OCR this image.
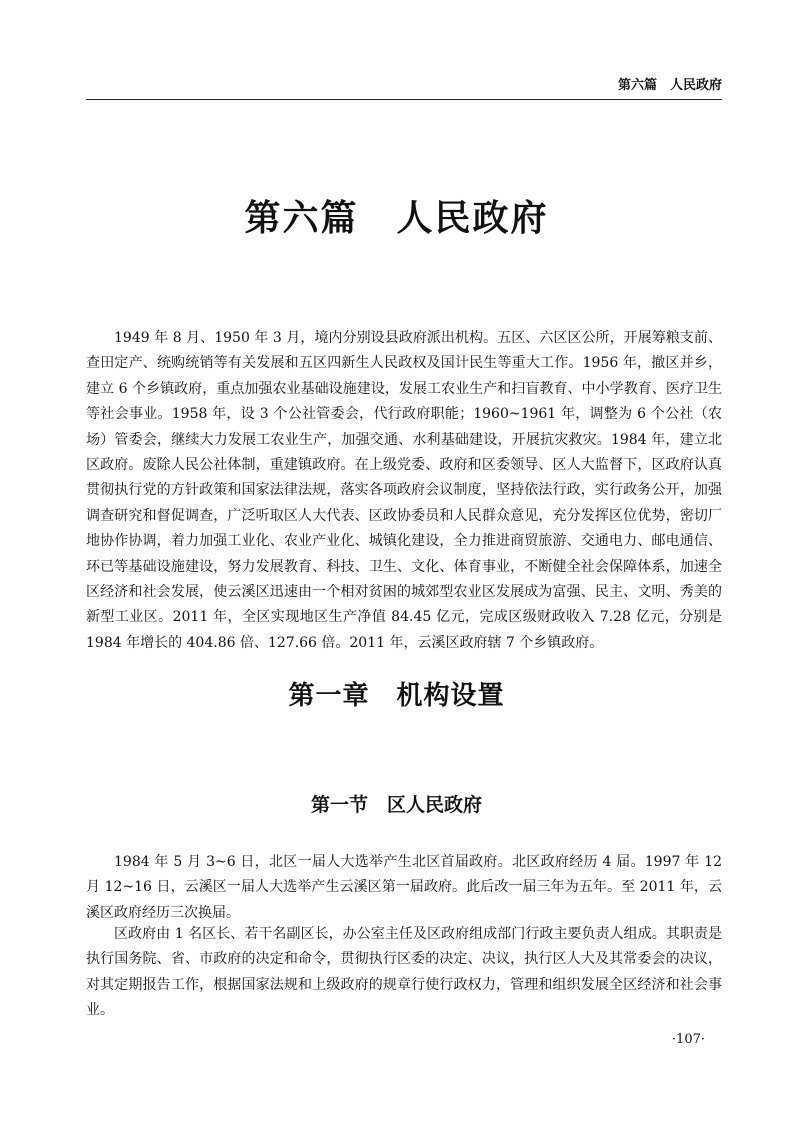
第六篇　人民政府
第六篇　人民政府

1949 年 8 月、1950 年 3 月，境内分别设县政府派出机构。五区、六区区公所，开展筹粮支前、查田定产、统购统销等有关发展和五区四新生人民政权及国计民生等重大工作。1956 年，撤区并乡，建立 6 个乡镇政府，重点加强农业基础设施建设，发展工农业生产和扫盲教育、中小学教育、医疗卫生等社会事业。1958 年，设 3 个公社管委会，代行政府职能；1960~1961 年，调整为 6 个公社（农场）管委会，继续大力发展工农业生产，加强交通、水利基础建设，开展抗灾救灾。1984 年，建立北区政府。废除人民公社体制，重建镇政府。在上级党委、政府和区委领导、区人大监督下，区政府认真贯彻执行党的方针政策和国家法律法规，落实各项政府会议制度，坚持依法行政，实行政务公开，加强调查研究和督促调查，广泛听取区人大代表、区政协委员和人民群众意见，充分发挥区位优势，密切厂地协作协调，着力加强工业化、农业产业化、城镇化建设，全力推进商贸旅游、交通电力、邮电通信、环已等基础设施建设，努力发展教育、科技、卫生、文化、体育事业，不断健全社会保障体系，加速全区经济和社会发展，使云溪区迅速由一个相对贫困的城郊型农业区发展成为富强、民主、文明、秀美的新型工业区。2011 年，全区实现地区生产净值 84.45 亿元，完成区级财政收入 7.28 亿元，分别是 1984 年增长的 404.86 倍、127.66 倍。2011 年，云溪区政府辖 7 个乡镇政府。

第一章　机构设置
第一节　区人民政府

1984 年 5 月 3~6 日，北区一届人大选举产生北区首届政府。北区政府经历 4 届。1997 年 12 月 12~16 日，云溪区一届人大选举产生云溪区第一届政府。此后改一届三年为五年。至 2011 年，云溪区政府经历三次换届。

区政府由 1 名区长、若干名副区长，办公室主任及区政府组成部门行政主要负责人组成。其职责是执行国务院、省、市政府的决定和命令，贯彻执行区委的决定、决议，执行区人大及其常委会的决议，对其定期报告工作，根据国家法规和上级政府的规章行使行政权力，管理和组织发展全区经济和社会事业。

·107·
